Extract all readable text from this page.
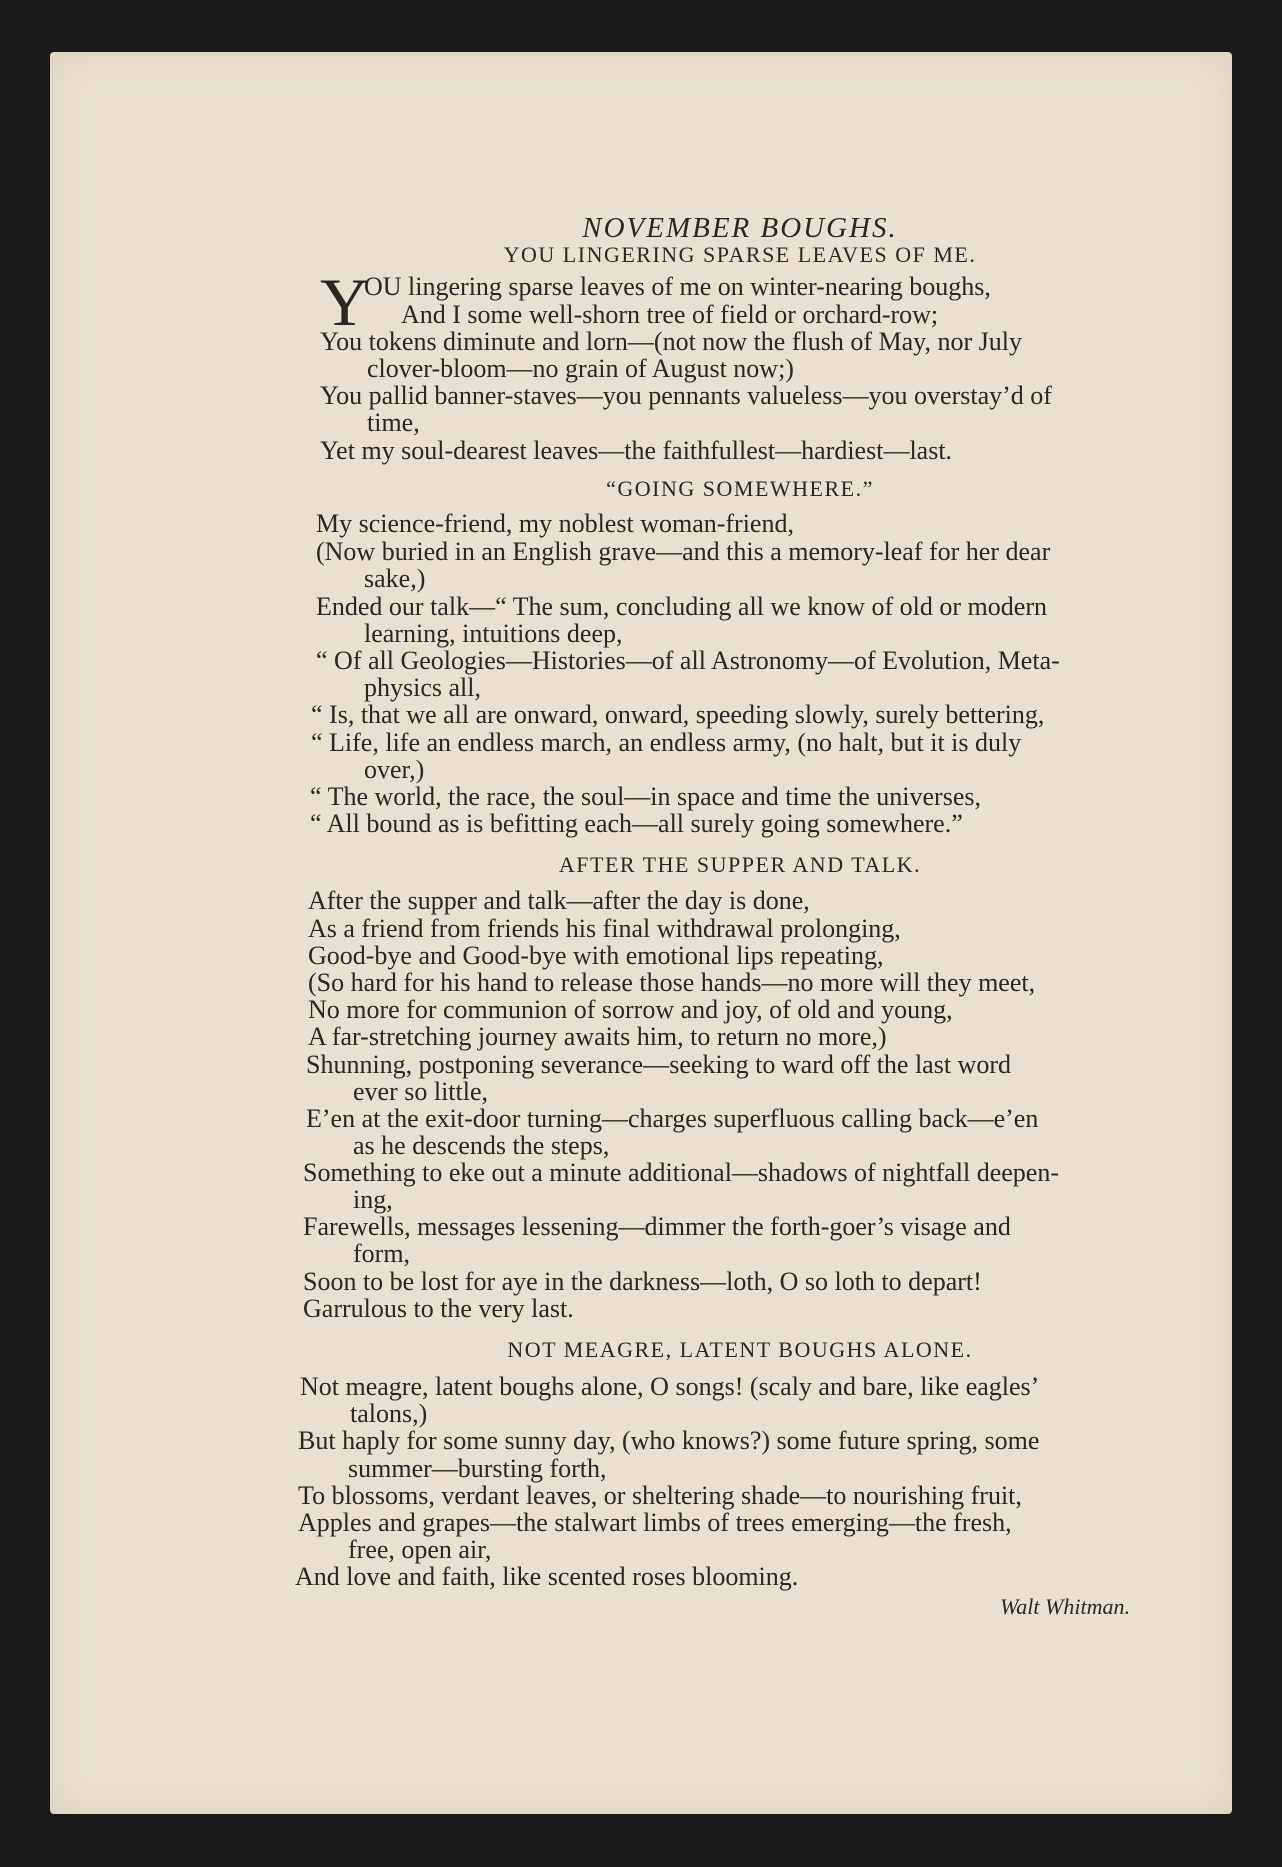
NOVEMBER BOUGHS.
YOU LINGERING SPARSE LEAVES OF ME.
Y
OU lingering sparse leaves of me on winter-nearing boughs,
And I some well-shorn tree of field or orchard-row;
You tokens diminute and lorn—(not now the flush of May, nor July
clover-bloom—no grain of August now;)
You pallid banner-staves—you pennants valueless—you overstay’d of
time,
Yet my soul-dearest leaves—the faithfullest—hardiest—last.
“GOING SOMEWHERE.”
My science-friend, my noblest woman-friend,
(Now buried in an English grave—and this a memory-leaf for her dear
sake,)
Ended our talk—“ The sum, concluding all we know of old or modern
learning, intuitions deep,
“ Of all Geologies—Histories—of all Astronomy—of Evolution, Meta-
physics all,
“ Is, that we all are onward, onward, speeding slowly, surely bettering,
“ Life, life an endless march, an endless army, (no halt, but it is duly
over,)
“ The world, the race, the soul—in space and time the universes,
“ All bound as is befitting each—all surely going somewhere.”
AFTER THE SUPPER AND TALK.
After the supper and talk—after the day is done,
As a friend from friends his final withdrawal prolonging,
Good-bye and Good-bye with emotional lips repeating,
(So hard for his hand to release those hands—no more will they meet,
No more for communion of sorrow and joy, of old and young,
A far-stretching journey awaits him, to return no more,)
Shunning, postponing severance—seeking to ward off the last word
ever so little,
E’en at the exit-door turning—charges superfluous calling back—e’en
as he descends the steps,
Something to eke out a minute additional—shadows of nightfall deepen-
ing,
Farewells, messages lessening—dimmer the forth-goer’s visage and
form,
Soon to be lost for aye in the darkness—loth, O so loth to depart!
Garrulous to the very last.
NOT MEAGRE, LATENT BOUGHS ALONE.
Not meagre, latent boughs alone, O songs! (scaly and bare, like eagles’
talons,)
But haply for some sunny day, (who knows?) some future spring, some
summer—bursting forth,
To blossoms, verdant leaves, or sheltering shade—to nourishing fruit,
Apples and grapes—the stalwart limbs of trees emerging—the fresh,
free, open air,
And love and faith, like scented roses blooming.
Walt Whitman.
